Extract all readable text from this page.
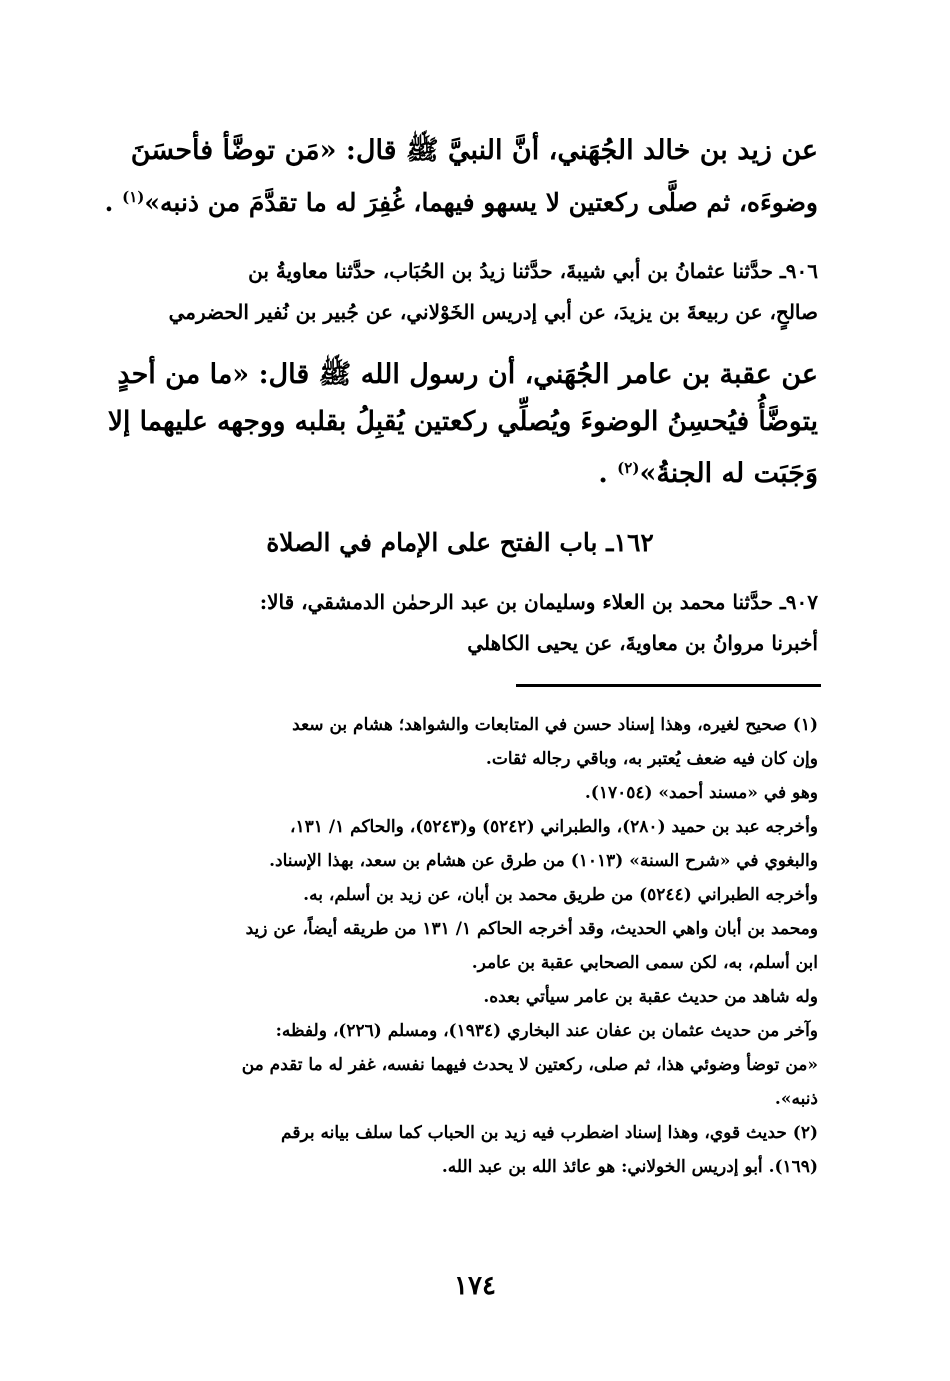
عن زيد بن خالد الجُهَني، أنَّ النبيَّ ﷺ قال: «مَن توضَّأ فأحسَنَ
وضوءَه، ثم صلَّى ركعتين لا يسهو فيهما، غُفِرَ له ما تقدَّمَ من ذنبه»$^{(١)}$ .
٩٠٦ـ حدَّثنا عثمانُ بن أبي شيبةَ، حدَّثنا زيدُ بن الحُبَاب، حدَّثنا معاويةُ بن
صالحٍ، عن ربيعةَ بن يزيدَ، عن أبي إدريس الخَوْلاني، عن جُبير بن نُفير الحضرمي
عن عقبة بن عامر الجُهَني، أن رسول الله ﷺ قال: «ما من أحدٍ
يتوضَّأُ فيُحسِنُ الوضوءَ ويُصلِّي ركعتين يُقبِلُ بقلبه ووجهه عليهما إلا
وَجَبَت له الجنةُ»$^{(٢)}$ .
١٦٢ـ باب الفتح على الإمام في الصلاة
٩٠٧ـ حدَّثنا محمد بن العلاء وسليمان بن عبد الرحمٰن الدمشقي، قالا:
أخبرنا مروانُ بن معاويةَ، عن يحيى الكاهلي
(١) صحيح لغيره، وهذا إسناد حسن في المتابعات والشواهد؛ هشام بن سعد
وإن كان فيه ضعف يُعتبر به، وباقي رجاله ثقات.
وهو في «مسند أحمد» (١٧٠٥٤).
وأخرجه عبد بن حميد (٢٨٠)، والطبراني (٥٢٤٢) و(٥٢٤٣)، والحاكم ١/ ١٣١،
والبغوي في «شرح السنة» (١٠١٣) من طرق عن هشام بن سعد، بهذا الإسناد.
وأخرجه الطبراني (٥٢٤٤) من طريق محمد بن أبان، عن زيد بن أسلم، به.
ومحمد بن أبان واهي الحديث، وقد أخرجه الحاكم ١/ ١٣١ من طريقه أيضاً، عن زيد
ابن أسلم، به، لكن سمى الصحابي عقبة بن عامر.
وله شاهد من حديث عقبة بن عامر سيأتي بعده.
وآخر من حديث عثمان بن عفان عند البخاري (١٩٣٤)، ومسلم (٢٢٦)، ولفظه:
«من توضأ وضوئي هذا، ثم صلى، ركعتين لا يحدث فيهما نفسه، غفر له ما تقدم من
ذنبه».
(٢) حديث قوي، وهذا إسناد اضطرب فيه زيد بن الحباب كما سلف بيانه برقم
(١٦٩). أبو إدريس الخولاني: هو عائذ الله بن عبد الله.
١٧٤
